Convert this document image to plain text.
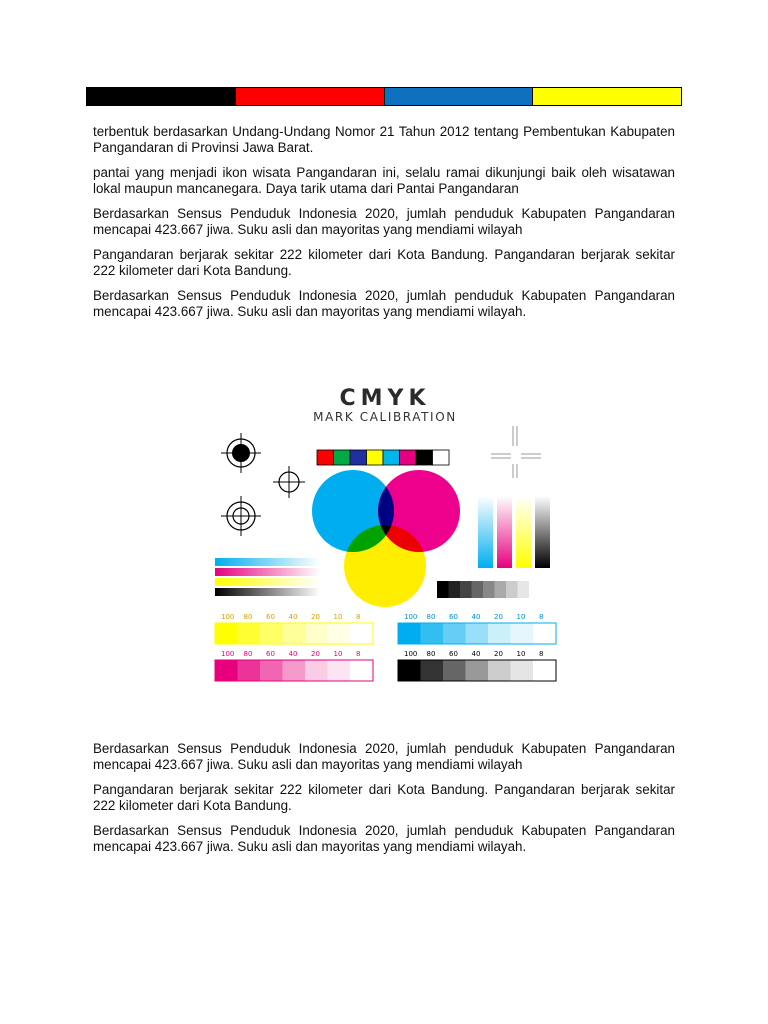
terbentuk berdasarkan Undang-Undang Nomor 21 Tahun 2012 tentang Pembentukan Kabupaten Pangandaran di Provinsi Jawa Barat.

pantai yang menjadi ikon wisata Pangandaran ini, selalu ramai dikunjungi baik oleh wisatawan lokal maupun mancanegara. Daya tarik utama dari Pantai Pangandaran

Berdasarkan Sensus Penduduk Indonesia 2020, jumlah penduduk Kabupaten Pangandaran mencapai 423.667 jiwa. Suku asli dan mayoritas yang mendiami wilayah

Pangandaran berjarak sekitar 222 kilometer dari Kota Bandung. Pangandaran berjarak sekitar 222 kilometer dari Kota Bandung.

Berdasarkan Sensus Penduduk Indonesia 2020, jumlah penduduk Kabupaten Pangandaran mencapai 423.667 jiwa. Suku asli dan mayoritas yang mendiami wilayah.

100 80 60 40 20 10 8	100 80 60 40 20 10 8
100 80 60 40 20 10 8	100 80 60 40 20 10 8
CMYK
MARK CALIBRATION

Berdasarkan Sensus Penduduk Indonesia 2020, jumlah penduduk Kabupaten Pangandaran mencapai 423.667 jiwa. Suku asli dan mayoritas yang mendiami wilayah

Pangandaran berjarak sekitar 222 kilometer dari Kota Bandung. Pangandaran berjarak sekitar 222 kilometer dari Kota Bandung.

Berdasarkan Sensus Penduduk Indonesia 2020, jumlah penduduk Kabupaten Pangandaran mencapai 423.667 jiwa. Suku asli dan mayoritas yang mendiami wilayah.
